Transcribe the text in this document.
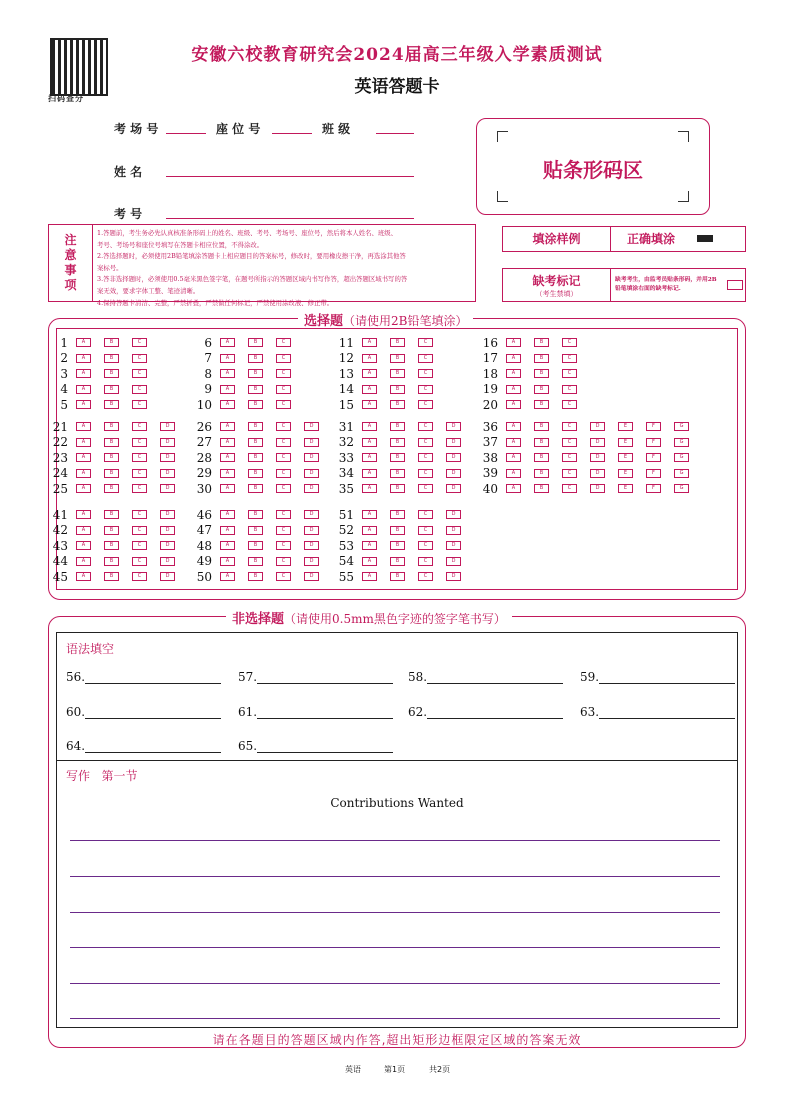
扫码查分
安徽六校教育研究会2024届高三年级入学素质测试
英语答题卡
考 场 号	座 位 号	班 级
姓 名
考 号
贴条形码区
注
意
事
项
1.答题前，考生务必先认真核准条形码上的姓名、班级、考号、考场号、座位号，然后将本人姓名、班级、
考号、考场号和座位号填写在答题卡相应位置，不得涂改。
2.答选择题时，必须使用2B铅笔填涂答题卡上相应题目的答案标号，修改时，要用橡皮擦干净，再选涂其他答
案标号。
3.答非选择题时，必须使用0.5毫米黑色签字笔，在题号所指示的答题区域内书写作答，超出答题区域书写的答
案无效，要求字体工整、笔迹清晰。
4.保持答题卡清洁、完整，严禁折叠，严禁做任何标记，严禁使用涂改液、修正带。
填涂样例	正确填涂
缺考标记
（考生禁填）
缺考考生，由监考员贴条形码，并用2B铅笔填涂右面的缺考标记.
选择题（请使用2B铅笔填涂）
1	A	B	C
2	A	B	C
3	A	B	C
4	A	B	C
5	A	B	C
6	A	B	C
7	A	B	C
8	A	B	C
9	A	B	C
10	A	B	C
11	A	B	C
12	A	B	C
13	A	B	C
14	A	B	C
15	A	B	C
16	A	B	C
17	A	B	C
18	A	B	C
19	A	B	C
20	A	B	C
21	A	B	C	D
22	A	B	C	D
23	A	B	C	D
24	A	B	C	D
25	A	B	C	D
26	A	B	C	D
27	A	B	C	D
28	A	B	C	D
29	A	B	C	D
30	A	B	C	D
31	A	B	C	D
32	A	B	C	D
33	A	B	C	D
34	A	B	C	D
35	A	B	C	D
36	A	B	C	D	E	F	G
37	A	B	C	D	E	F	G
38	A	B	C	D	E	F	G
39	A	B	C	D	E	F	G
40	A	B	C	D	E	F	G
41	A	B	C	D
42	A	B	C	D
43	A	B	C	D
44	A	B	C	D
45	A	B	C	D
46	A	B	C	D
47	A	B	C	D
48	A	B	C	D
49	A	B	C	D
50	A	B	C	D
51	A	B	C	D
52	A	B	C	D
53	A	B	C	D
54	A	B	C	D
55	A	B	C	D
非选择题（请使用0.5mm黑色字迹的签字笔书写）
语法填空
56.	57.	58.	59.
60.	61.	62.	63.
64.	65.
写作   第一节
Contributions Wanted
请在各题目的答题区域内作答,超出矩形边框限定区域的答案无效
英语	第1页	共2页
